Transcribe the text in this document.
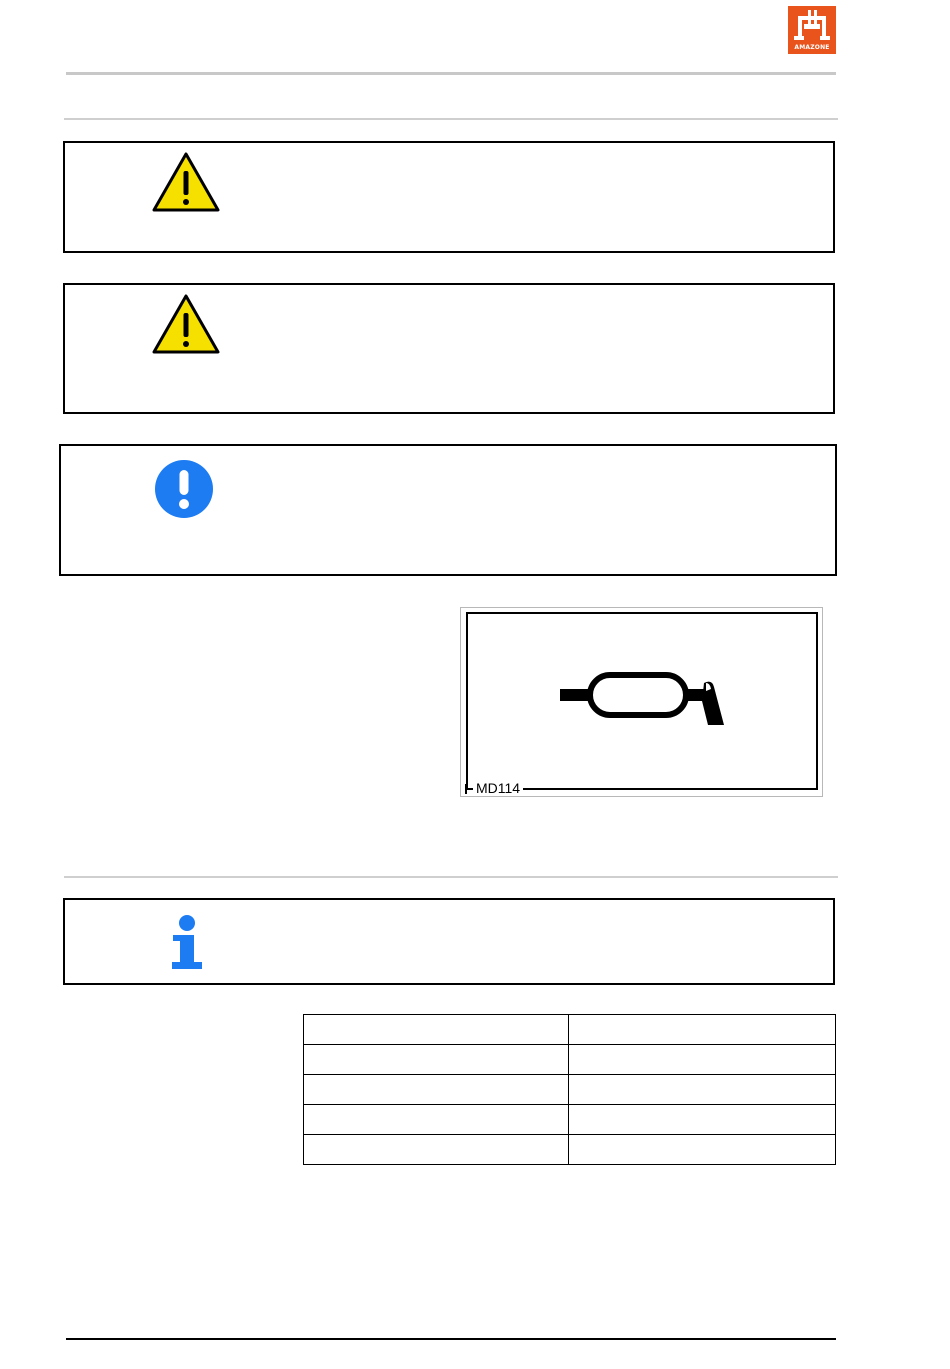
AMAZONE
MD114
